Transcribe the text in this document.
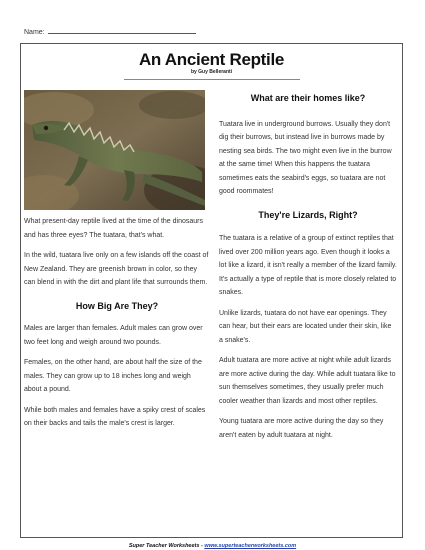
Name:
An Ancient Reptile
by Guy Belleranti

What present-day reptile lived at the time of the dinosaurs and has three eyes? The tuatara, that's what.

In the wild, tuatara live only on a few islands off the coast of New Zealand. They are greenish brown in color, so they can blend in with the dirt and plant life that surrounds them.

How Big Are They?

Males are larger than females. Adult males can grow over two feet long and weigh around two pounds.

Females, on the other hand, are about half the size of the males. They can grow up to 18 inches long and weigh about a pound.

While both males and females have a spiky crest of scales on their backs and tails the male's crest is larger.

What are their homes like?

Tuatara live in underground burrows. Usually they don't dig their burrows, but instead live in burrows made by nesting sea birds. The two might even live in the burrow at the same time! When this happens the tuatara sometimes eats the seabird's eggs, so tuatara are not good roommates!

They're Lizards, Right?

The tuatara is a relative of a group of extinct reptiles that lived over 200 million years ago. Even though it looks a lot like a lizard, it isn't really a member of the lizard family. It's actually a type of reptile that is more closely related to snakes.

Unlike lizards, tuatara do not have ear openings. They can hear, but their ears are located under their skin, like a snake's.

Adult tuatara are more active at night while adult lizards are more active during the day. While adult tuatara like to sun themselves sometimes, they usually prefer much cooler weather than lizards and most other reptiles.

Young tuatara are more active during the day so they aren't eaten by adult tuatara at night.

Super Teacher Worksheets - www.superteacherworksheets.com
